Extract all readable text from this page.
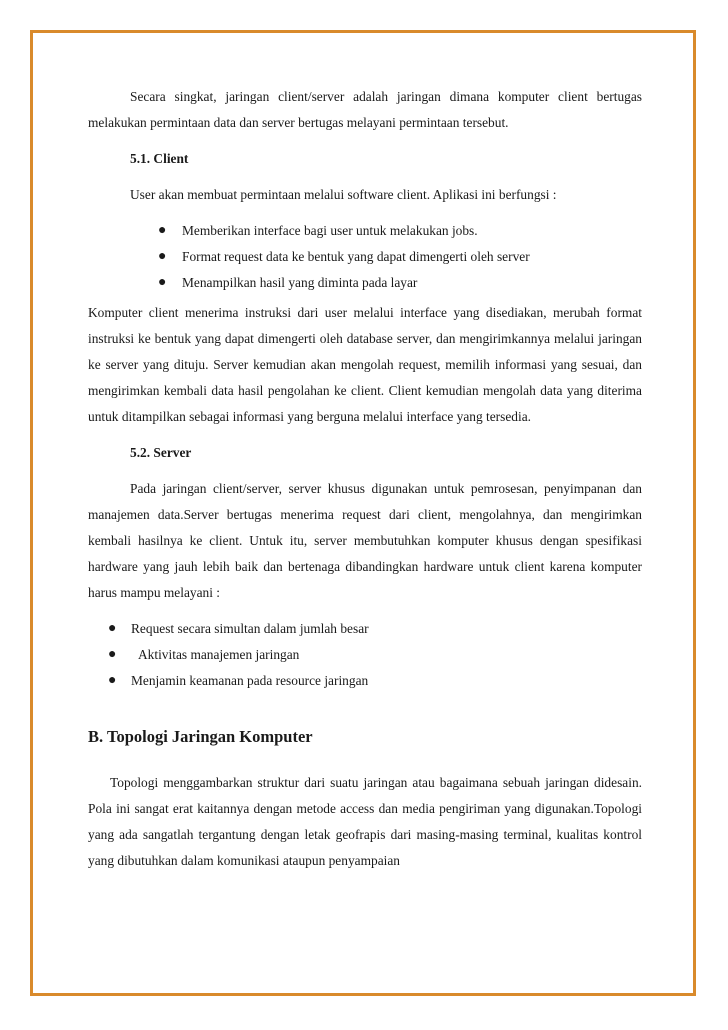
Secara singkat, jaringan client/server adalah jaringan dimana komputer client bertugas melakukan permintaan data dan server bertugas melayani permintaan tersebut.

5.1. Client

User akan membuat permintaan melalui software client. Aplikasi ini berfungsi :

● Memberikan interface bagi user untuk melakukan jobs.
● Format request data ke bentuk yang dapat dimengerti oleh server
● Menampilkan hasil yang diminta pada layar

Komputer client menerima instruksi dari user melalui interface yang disediakan, merubah format instruksi ke bentuk yang dapat dimengerti oleh database server, dan mengirimkannya melalui jaringan ke server yang dituju. Server kemudian akan mengolah request, memilih informasi yang sesuai, dan mengirimkan kembali data hasil pengolahan ke client. Client kemudian mengolah data yang diterima untuk ditampilkan sebagai informasi yang berguna melalui interface yang tersedia.

5.2. Server

Pada jaringan client/server, server khusus digunakan untuk pemrosesan, penyimpanan dan manajemen data.Server bertugas menerima request dari client, mengolahnya, dan mengirimkan kembali hasilnya ke client. Untuk itu, server membutuhkan komputer khusus dengan spesifikasi hardware yang jauh lebih baik dan bertenaga dibandingkan hardware untuk client karena komputer harus mampu melayani :

● Request secara simultan dalam jumlah besar
● Aktivitas manajemen jaringan
● Menjamin keamanan pada resource jaringan

B. Topologi Jaringan Komputer

Topologi menggambarkan struktur dari suatu jaringan atau bagaimana sebuah jaringan didesain. Pola ini sangat erat kaitannya dengan metode access dan media pengiriman yang digunakan.Topologi yang ada sangatlah tergantung dengan letak geofrapis dari masing-masing terminal, kualitas kontrol yang dibutuhkan dalam komunikasi ataupun penyampaian
